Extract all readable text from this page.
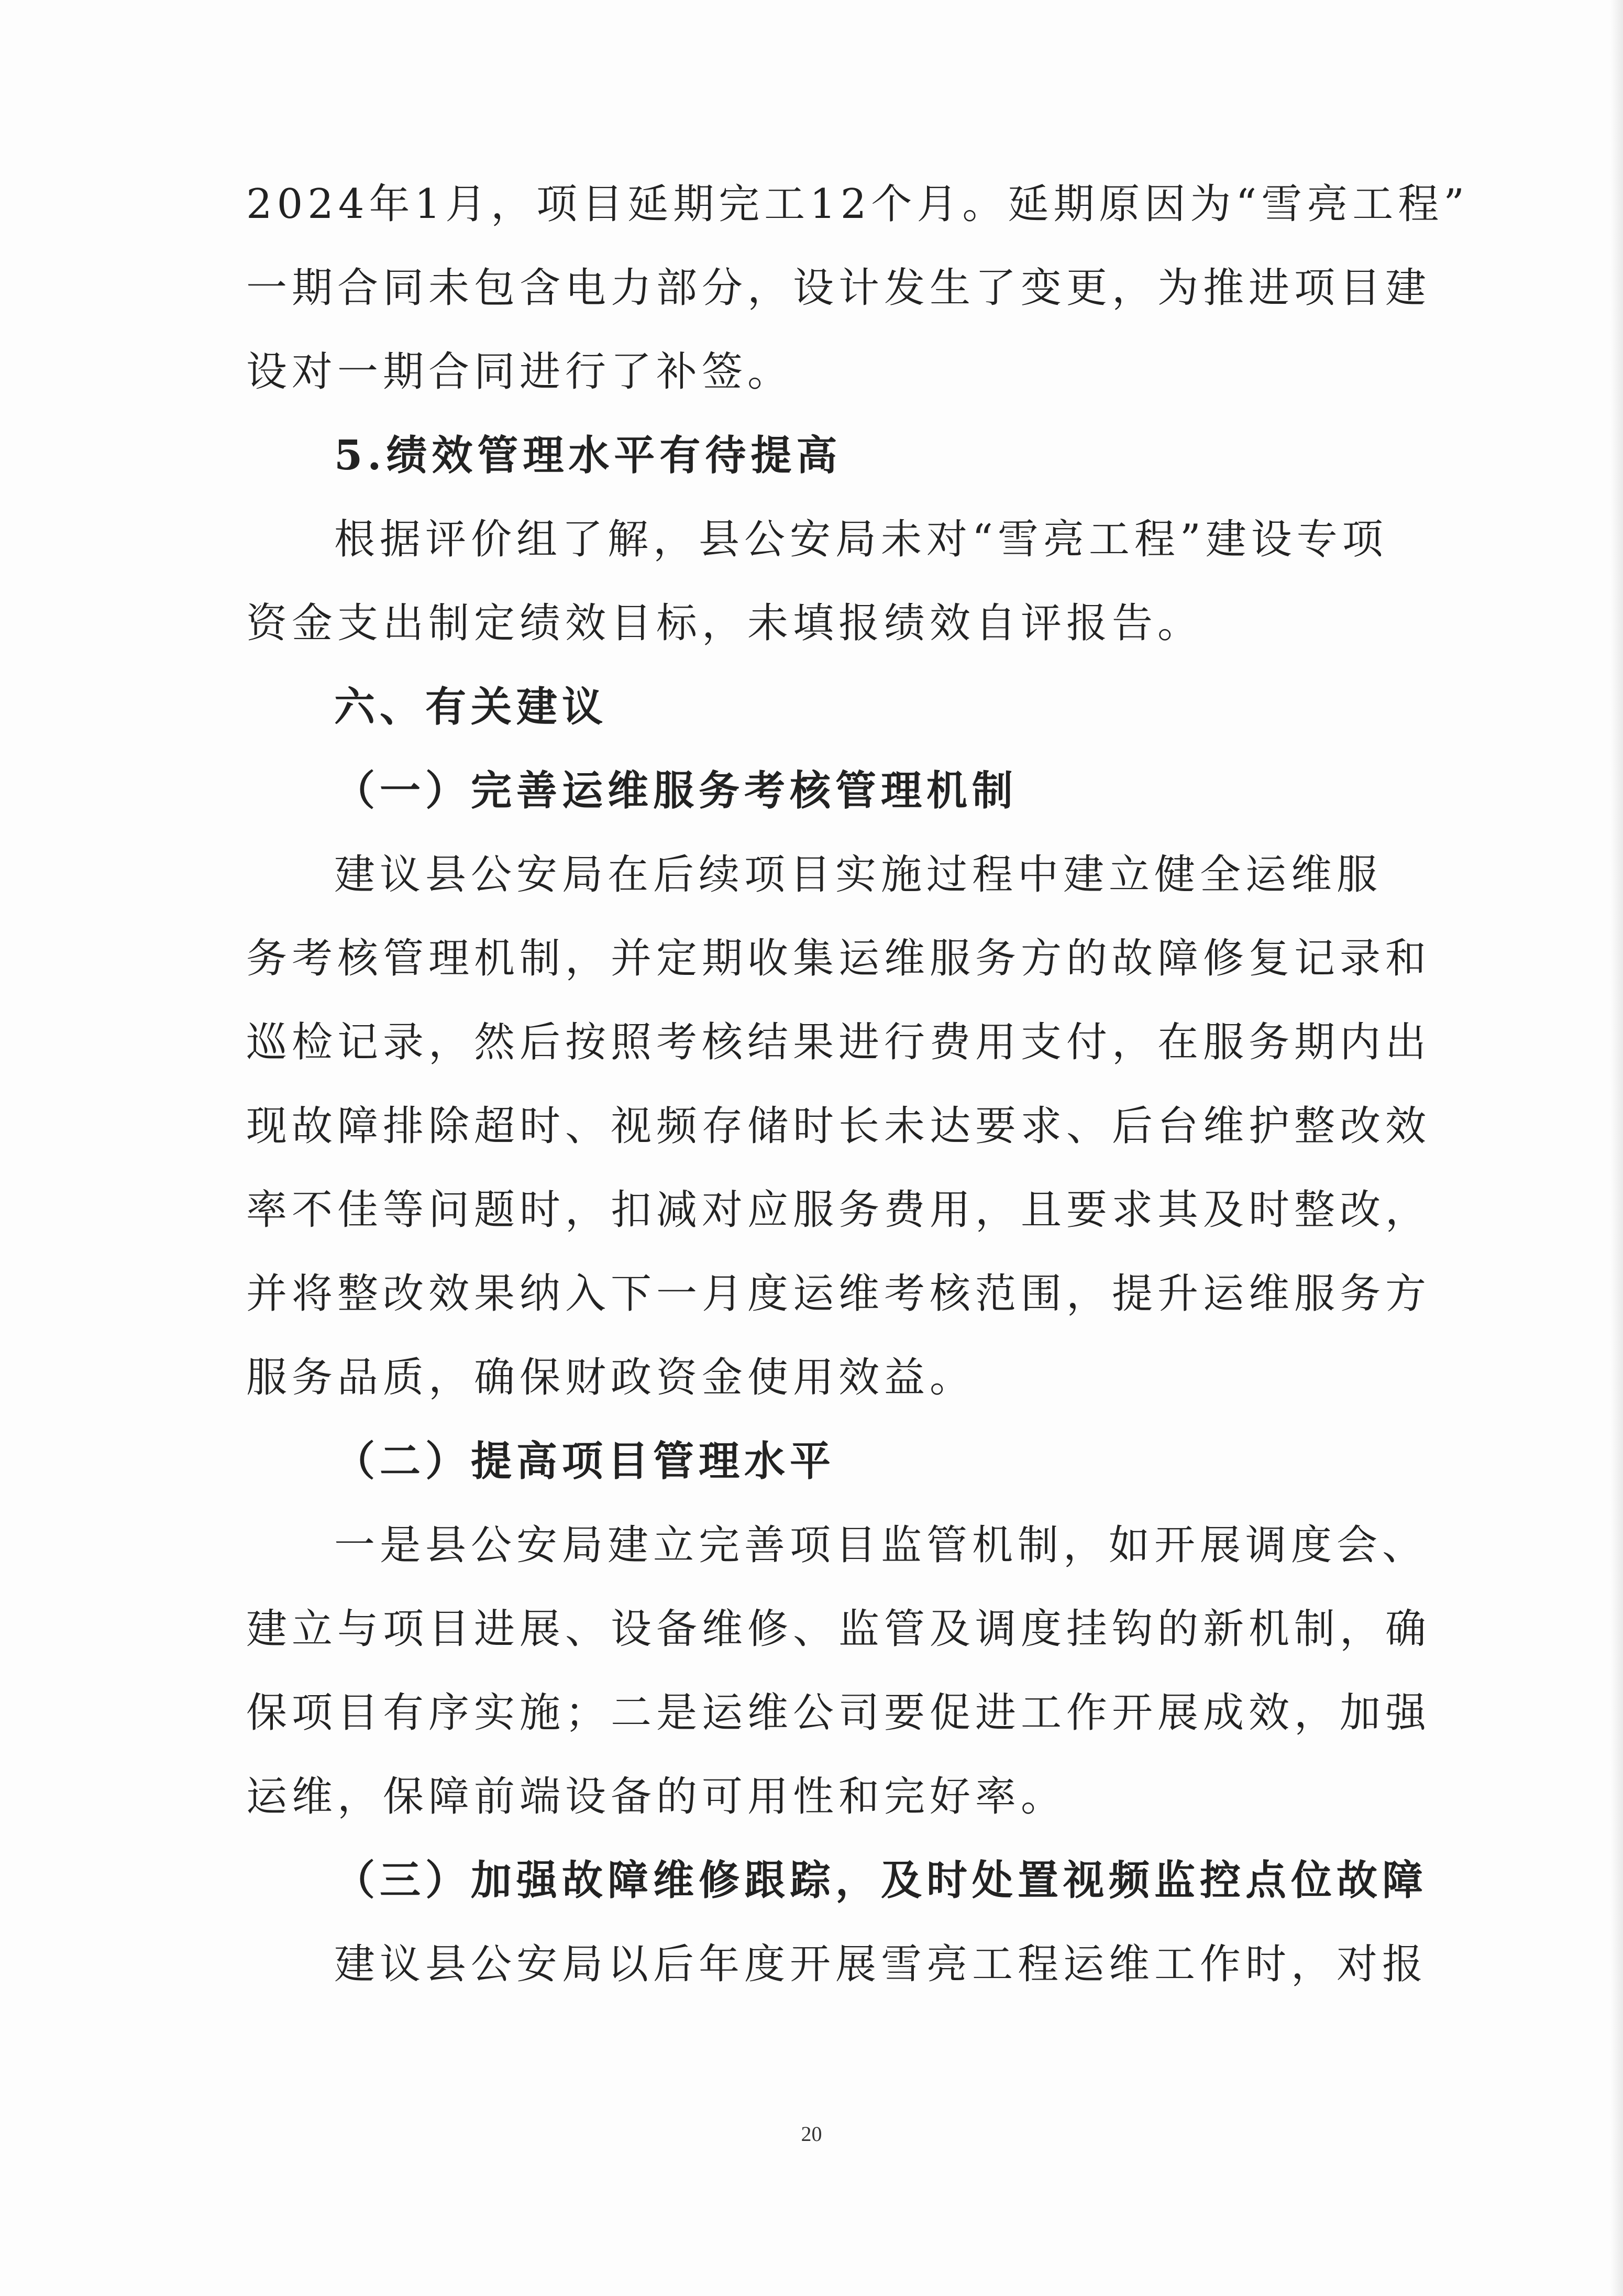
2024年1月，项目延期完工12个月。延期原因为“雪亮工程”
一期合同未包含电力部分，设计发生了变更，为推进项目建
设对一期合同进行了补签。
5.绩效管理水平有待提高
根据评价组了解，县公安局未对“雪亮工程”建设专项
资金支出制定绩效目标，未填报绩效自评报告。
六、有关建议
（一）完善运维服务考核管理机制
建议县公安局在后续项目实施过程中建立健全运维服
务考核管理机制，并定期收集运维服务方的故障修复记录和
巡检记录，然后按照考核结果进行费用支付，在服务期内出
现故障排除超时、视频存储时长未达要求、后台维护整改效
率不佳等问题时，扣减对应服务费用，且要求其及时整改，
并将整改效果纳入下一月度运维考核范围，提升运维服务方
服务品质，确保财政资金使用效益。
（二）提高项目管理水平
一是县公安局建立完善项目监管机制，如开展调度会、
建立与项目进展、设备维修、监管及调度挂钩的新机制，确
保项目有序实施；二是运维公司要促进工作开展成效，加强
运维，保障前端设备的可用性和完好率。
（三）加强故障维修跟踪，及时处置视频监控点位故障
建议县公安局以后年度开展雪亮工程运维工作时，对报
20
